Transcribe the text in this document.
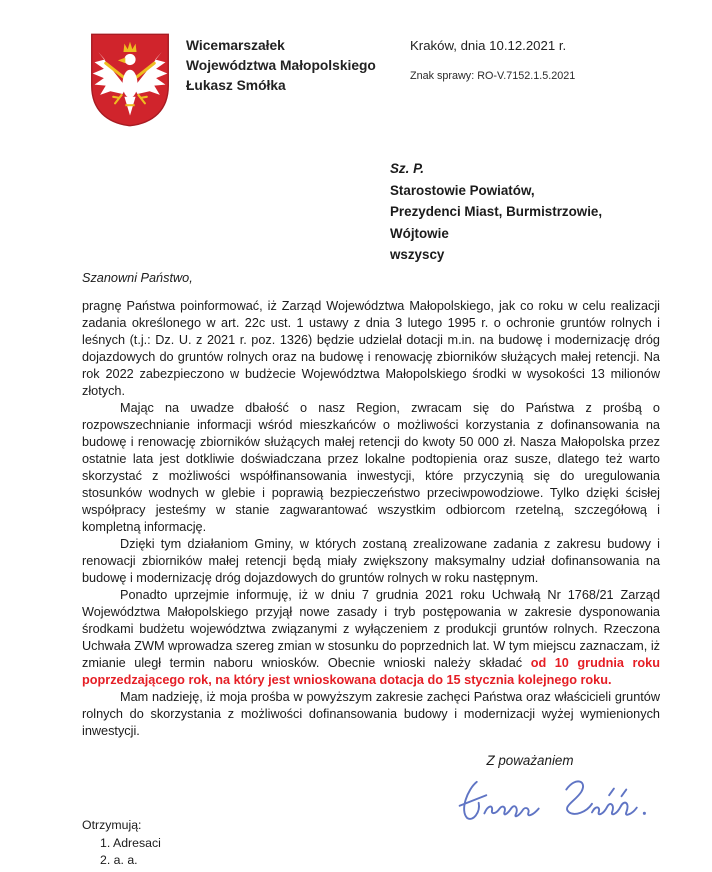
Wicemarszałek
Województwa Małopolskiego
Łukasz Smółka
Kraków, dnia 10.12.2021 r.
Znak sprawy: RO-V.7152.1.5.2021
Sz. P.
Starostowie Powiatów,
Prezydenci Miast, Burmistrzowie,
Wójtowie
wszyscy

Szanowni Państwo,

pragnę Państwa poinformować, iż Zarząd Województwa Małopolskiego, jak co roku w celu realizacji zadania określonego w art. 22c ust. 1 ustawy z dnia 3 lutego 1995 r. o ochronie gruntów rolnych i leśnych (t.j.: Dz. U. z 2021 r. poz. 1326) będzie udzielał dotacji m.in. na budowę i modernizację dróg dojazdowych do gruntów rolnych oraz na budowę i renowację zbiorników służących małej retencji. Na rok 2022 zabezpieczono w budżecie Województwa Małopolskiego środki w wysokości 13 milionów złotych.

Mając na uwadze dbałość o nasz Region, zwracam się do Państwa z prośbą o rozpowszechnianie informacji wśród mieszkańców o możliwości korzystania z dofinansowania na budowę i renowację zbiorników służących małej retencji do kwoty 50 000 zł. Nasza Małopolska przez ostatnie lata jest dotkliwie doświadczana przez lokalne podtopienia oraz susze, dlatego też warto skorzystać z możliwości współfinansowania inwestycji, które przyczynią się do uregulowania stosunków wodnych w glebie i poprawią bezpieczeństwo przeciwpowodziowe. Tylko dzięki ścisłej współpracy jesteśmy w stanie zagwarantować wszystkim odbiorcom rzetelną, szczegółową i kompletną informację.

Dzięki tym działaniom Gminy, w których zostaną zrealizowane zadania z zakresu budowy i renowacji zbiorników małej retencji będą miały zwiększony maksymalny udział dofinansowania na budowę i modernizację dróg dojazdowych do gruntów rolnych w roku następnym.

Ponadto uprzejmie informuję, iż w dniu 7 grudnia 2021 roku Uchwałą Nr 1768/21 Zarząd Województwa Małopolskiego przyjął nowe zasady i tryb postępowania w zakresie dysponowania środkami budżetu województwa związanymi z wyłączeniem z produkcji gruntów rolnych. Rzeczona Uchwała ZWM wprowadza szereg zmian w stosunku do poprzednich lat. W tym miejscu zaznaczam, iż zmianie uległ termin naboru wniosków. Obecnie wnioski należy składać od 10 grudnia roku poprzedzającego rok, na który jest wnioskowana dotacja do 15 stycznia kolejnego roku.

Mam nadzieję, iż moja prośba w powyższym zakresie zachęci Państwa oraz właścicieli gruntów rolnych do skorzystania z możliwości dofinansowania budowy i modernizacji wyżej wymienionych inwestycji.

Z poważaniem
Otrzymują:
1. Adresaci
2. a. a.
